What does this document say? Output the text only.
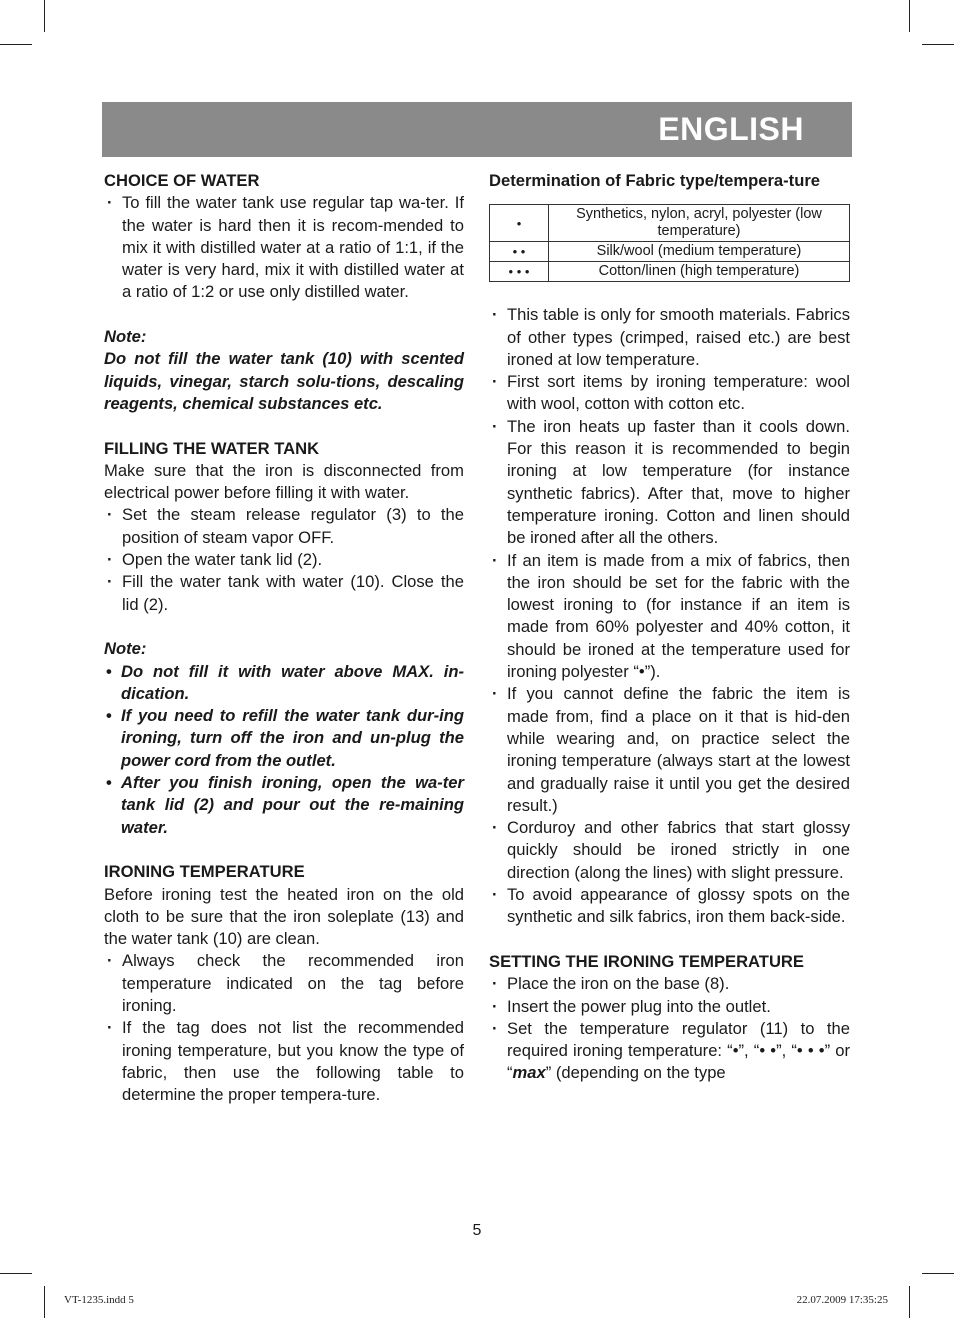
ENGLISH

CHOICE OF WATER

· To fill the water tank use regular tap wa-ter. If the water is hard then it is recom-mended to mix it with distilled water at a ratio of 1:1, if the water is very hard, mix it with distilled water at a ratio of 1:2 or use only distilled water.

Note:

Do not fill the water tank (10) with scented liquids, vinegar, starch solu-tions, descaling reagents, chemical substances etc.

FILLING THE WATER TANK

Make sure that the iron is disconnected from electrical power before filling it with water.

· Set the steam release regulator (3) to the position of steam vapor OFF.
· Open the water tank lid (2).
· Fill the water tank with water (10). Close the lid (2).

Note:

• Do not fill it with water above MAX. in-dication.
• If you need to refill the water tank dur-ing ironing, turn off the iron and un-plug the power cord from the outlet.
• After you finish ironing, open the wa-ter tank lid (2) and pour out the re-maining water.

IRONING TEMPERATURE

Before ironing test the heated iron on the old cloth to be sure that the iron soleplate (13) and the water tank (10) are clean.

· Always check the recommended iron temperature indicated on the tag before ironing.
· If the tag does not list the recommended ironing temperature, but you know the type of fabric, then use the following table to determine the proper tempera-ture.

Determination of Fabric type/tempera-ture

•	Synthetics, nylon, acryl, polyester (low temperature)
• •	Silk/wool (medium temperature)
• • •	Cotton/linen (high temperature)
· This table is only for smooth materials. Fabrics of other types (crimped, raised etc.) are best ironed at low temperature.
· First sort items by ironing temperature: wool with wool, cotton with cotton etc.
· The iron heats up faster than it cools down. For this reason it is recommended to begin ironing at low temperature (for instance synthetic fabrics). After that, move to higher temperature ironing. Cotton and linen should be ironed after all the others.
· If an item is made from a mix of fabrics, then the iron should be set for the fabric with the lowest ironing to (for instance if an item is made from 60% polyester and 40% cotton, it should be ironed at the temperature used for ironing polyester “•”).
· If you cannot define the fabric the item is made from, find a place on it that is hid-den while wearing and, on practice select the ironing temperature (always start at the lowest and gradually raise it until you get the desired result.)
· Corduroy and other fabrics that start glossy quickly should be ironed strictly in one direction (along the lines) with slight pressure.
· To avoid appearance of glossy spots on the synthetic and silk fabrics, iron them back-side.

SETTING THE IRONING TEMPERATURE

· Place the iron on the base (8).
· Insert the power plug into the outlet.
· Set the temperature regulator (11) to the required ironing temperature: “•”, “• •”, “• • •” or “max” (depending on the type
5
VT-1235.indd 5	22.07.2009 17:35:25
